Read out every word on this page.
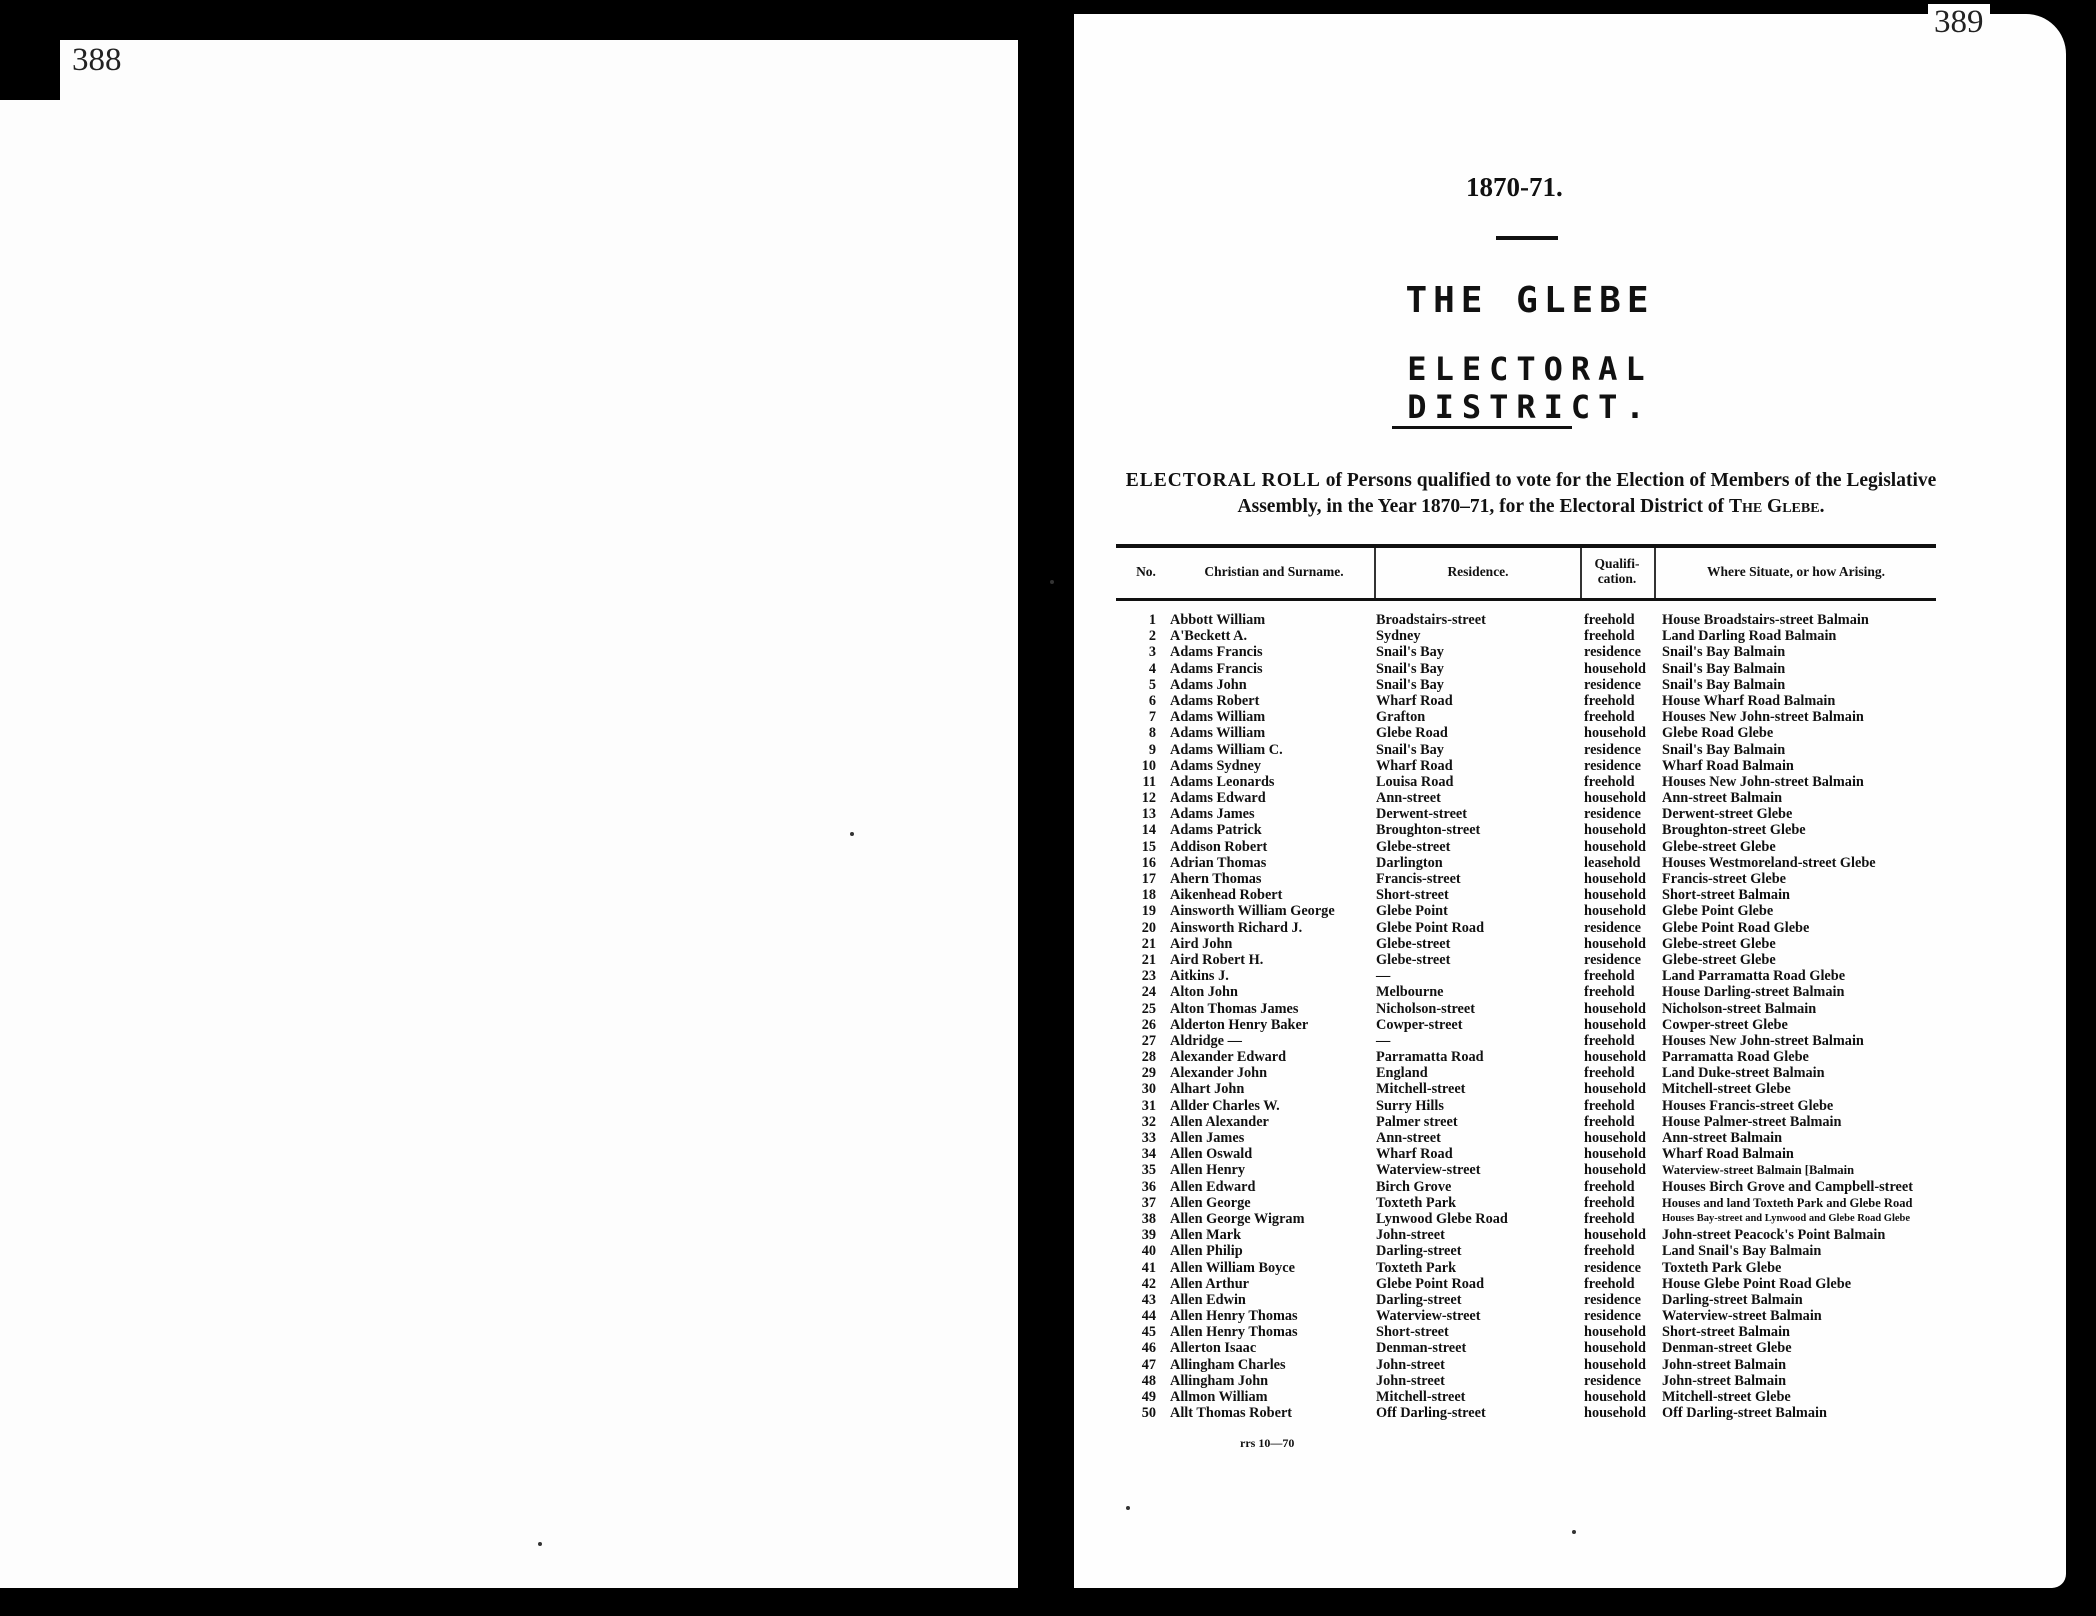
388
389
1870-71.
THE GLEBE
ELECTORAL DISTRICT.
ELECTORAL ROLL of Persons qualified to vote for the Election of Members of the Legislative Assembly, in the Year 1870–71, for the Electoral District of The Glebe.
No.	Christian and Surname.	Residence.
Qualifi-cation.	Where Situate, or how Arising.
1 Abbott William	Broadstairs-street	freehold House Broadstairs-street Balmain
2 A'Beckett A.	Sydney	freehold Land Darling Road Balmain
3 Adams Francis	Snail's Bay	residence Snail's Bay Balmain
4 Adams Francis	Snail's Bay	household Snail's Bay Balmain
5 Adams John	Snail's Bay	residence Snail's Bay Balmain
6 Adams Robert	Wharf Road	freehold House Wharf Road Balmain
7 Adams William	Grafton	freehold Houses New John-street Balmain
8 Adams William	Glebe Road	household Glebe Road Glebe
9 Adams William C.	Snail's Bay	residence Snail's Bay Balmain
10 Adams Sydney	Wharf Road	residence Wharf Road Balmain
11 Adams Leonards	Louisa Road	freehold Houses New John-street Balmain
12 Adams Edward	Ann-street	household Ann-street Balmain
13 Adams James	Derwent-street	residence Derwent-street Glebe
14 Adams Patrick	Broughton-street	household Broughton-street Glebe
15 Addison Robert	Glebe-street	household Glebe-street Glebe
16 Adrian Thomas	Darlington	leasehold Houses Westmoreland-street Glebe
17 Ahern Thomas	Francis-street	household Francis-street Glebe
18 Aikenhead Robert	Short-street	household Short-street Balmain
19 Ainsworth William George	Glebe Point	household Glebe Point Glebe
20 Ainsworth Richard J.	Glebe Point Road	residence Glebe Point Road Glebe
21 Aird John	Glebe-street	household Glebe-street Glebe
21 Aird Robert H.	Glebe-street	residence Glebe-street Glebe
23 Aitkins J.	—	freehold Land Parramatta Road Glebe
24 Alton John	Melbourne	freehold House Darling-street Balmain
25 Alton Thomas James	Nicholson-street	household Nicholson-street Balmain
26 Alderton Henry Baker	Cowper-street	household Cowper-street Glebe
27 Aldridge —	—	freehold Houses New John-street Balmain
28 Alexander Edward	Parramatta Road	household Parramatta Road Glebe
29 Alexander John	England	freehold Land Duke-street Balmain
30 Alhart John	Mitchell-street	household Mitchell-street Glebe
31 Allder Charles W.	Surry Hills	freehold Houses Francis-street Glebe
32 Allen Alexander	Palmer street	freehold House Palmer-street Balmain
33 Allen James	Ann-street	household Ann-street Balmain
34 Allen Oswald	Wharf Road	household Wharf Road Balmain
35 Allen Henry	Waterview-street	household Waterview-street Balmain [Balmain
36 Allen Edward	Birch Grove	freehold Houses Birch Grove and Campbell-street
37 Allen George	Toxteth Park	freehold Houses and land Toxteth Park and Glebe Road
38 Allen George Wigram	Lynwood Glebe Road	freehold	Houses Bay-street and Lynwood and Glebe Road Glebe
39 Allen Mark	John-street	household John-street Peacock's Point Balmain
40 Allen Philip	Darling-street	freehold Land Snail's Bay Balmain
41 Allen William Boyce	Toxteth Park	residence Toxteth Park Glebe
42 Allen Arthur	Glebe Point Road	freehold House Glebe Point Road Glebe
43 Allen Edwin	Darling-street	residence Darling-street Balmain
44 Allen Henry Thomas	Waterview-street	residence Waterview-street Balmain
45 Allen Henry Thomas	Short-street	household Short-street Balmain
46 Allerton Isaac	Denman-street	household Denman-street Glebe
47 Allingham Charles	John-street	household John-street Balmain
48 Allingham John	John-street	residence John-street Balmain
49 Allmon William	Mitchell-street	household Mitchell-street Glebe
50 Allt Thomas Robert	Off Darling-street	household Off Darling-street Balmain
rrs 10—70
